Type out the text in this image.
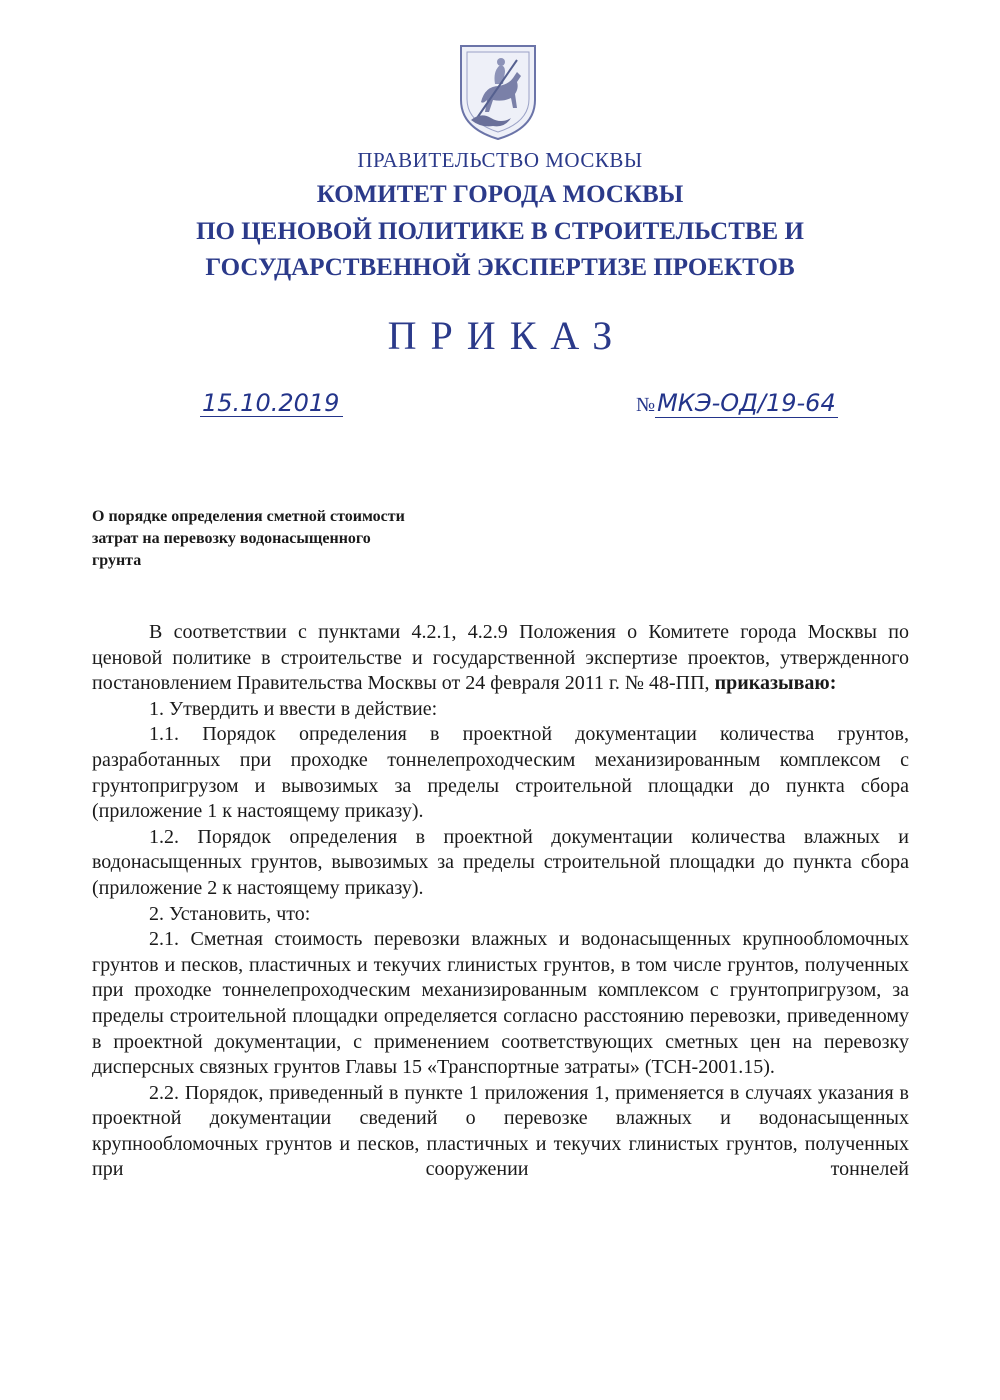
ПРАВИТЕЛЬСТВО МОСКВЫ
КОМИТЕТ ГОРОДА МОСКВЫ
ПО ЦЕНОВОЙ ПОЛИТИКЕ В СТРОИТЕЛЬСТВЕ И
ГОСУДАРСТВЕННОЙ ЭКСПЕРТИЗЕ ПРОЕКТОВ
ПРИКАЗ
15.10.2019	№МКЭ-ОД/19-64
О порядке определения сметной стоимости затрат на перевозку водонасыщенного грунта

В соответствии с пунктами 4.2.1, 4.2.9 Положения о Комитете города Москвы по ценовой политике в строительстве и государственной экспертизе проектов, утвержденного постановлением Правительства Москвы от 24 февраля 2011 г. № 48-ПП, приказываю:

1. Утвердить и ввести в действие:

1.1. Порядок определения в проектной документации количества грунтов, разработанных при проходке тоннелепроходческим механизированным комплексом с грунтопригрузом и вывозимых за пределы строительной площадки до пункта сбора (приложение 1 к настоящему приказу).

1.2. Порядок определения в проектной документации количества влажных и водонасыщенных грунтов, вывозимых за пределы строительной площадки до пункта сбора (приложение 2 к настоящему приказу).

2. Установить, что:

2.1. Сметная стоимость перевозки влажных и водонасыщенных крупнообломочных грунтов и песков, пластичных и текучих глинистых грунтов, в том числе грунтов, полученных при проходке тоннелепроходческим механизированным комплексом с грунтопригрузом, за пределы строительной площадки определяется согласно расстоянию перевозки, приведенному в проектной документации, с применением соответствующих сметных цен на перевозку дисперсных связных грунтов Главы 15 «Транспортные затраты» (ТСН-2001.15).

2.2. Порядок, приведенный в пункте 1 приложения 1, применяется в случаях указания в проектной документации сведений о перевозке влажных и водонасыщенных крупнообломочных грунтов и песков, пластичных и текучих глинистых грунтов, полученных при сооружении тоннелей
